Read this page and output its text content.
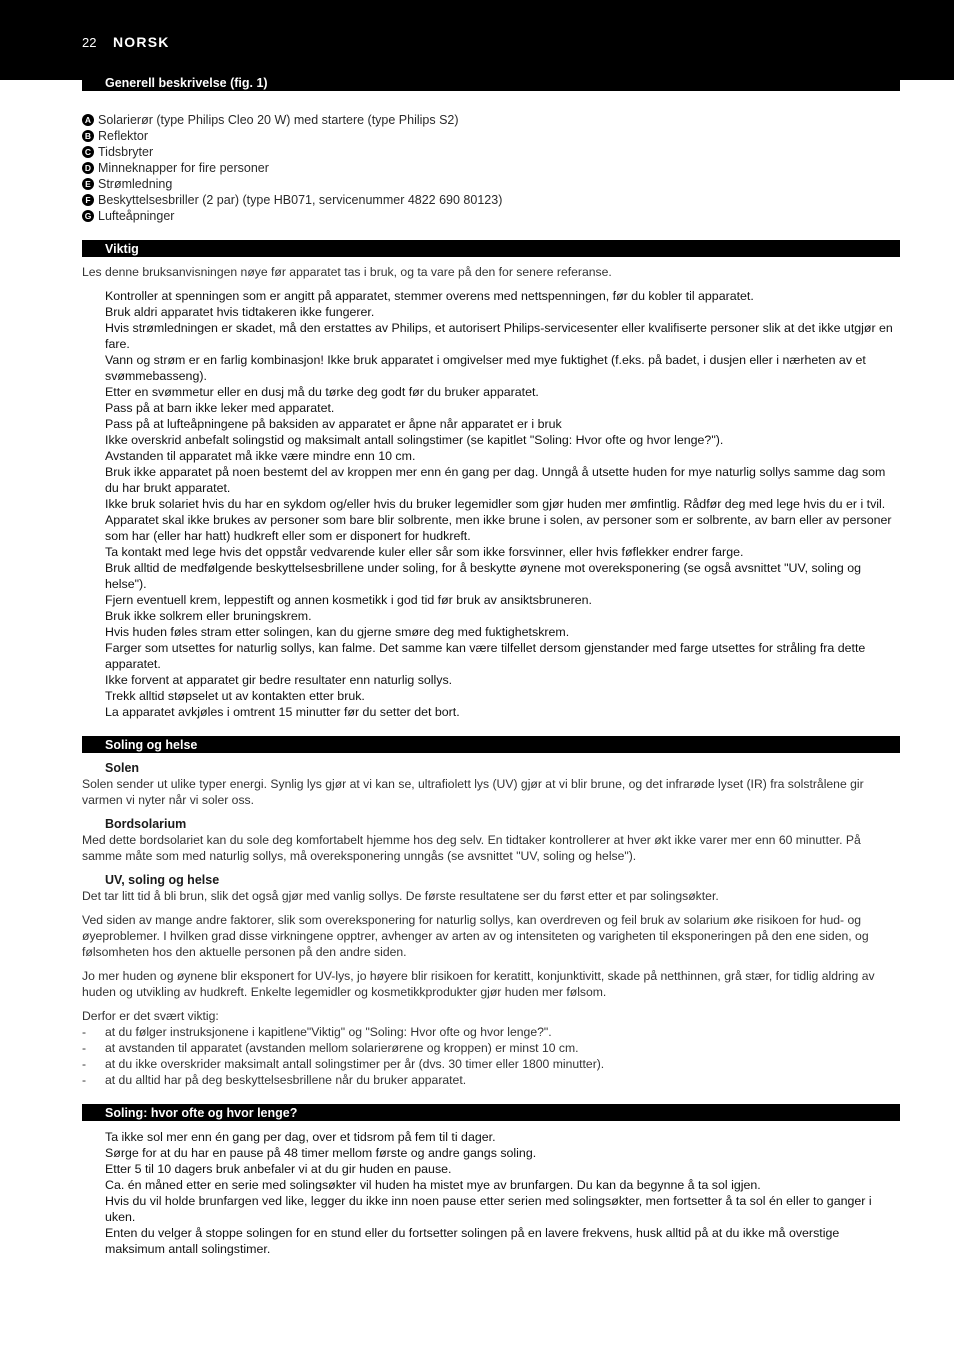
22 NORSK
Generell beskrivelse (fig. 1)
A Solarierør (type Philips Cleo 20 W) med startere (type Philips S2)
B Reflektor
C Tidsbryter
D Minneknapper for fire personer
E Strømledning
F Beskyttelsesbriller (2 par) (type HB071, servicenummer 4822 690 80123)
G Lufteåpninger
Viktig
Les denne bruksanvisningen nøye før apparatet tas i bruk, og ta vare på den for senere referanse.
Kontroller at spenningen som er angitt på apparatet, stemmer overens med nettspenningen, før du kobler til apparatet.
Bruk aldri apparatet hvis tidtakeren ikke fungerer.
Hvis strømledningen er skadet, må den erstattes av Philips, et autorisert Philips-servicesenter eller kvalifiserte personer slik at det ikke utgjør en fare.
Vann og strøm er en farlig kombinasjon! Ikke bruk apparatet i omgivelser med mye fuktighet (f.eks. på badet, i dusjen eller i nærheten av et svømmebasseng).
Etter en svømmetur eller en dusj må du tørke deg godt før du bruker apparatet.
Pass på at barn ikke leker med apparatet.
Pass på at lufteåpningene på baksiden av apparatet er åpne når apparatet er i bruk
Ikke overskrid anbefalt solingstid og maksimalt antall solingstimer (se kapitlet "Soling: Hvor ofte og hvor lenge?").
Avstanden til apparatet må ikke være mindre enn 10 cm.
Bruk ikke apparatet på noen bestemt del av kroppen mer enn én gang per dag. Unngå å utsette huden for mye naturlig sollys samme dag som du har brukt apparatet.
Ikke bruk solariet hvis du har en sykdom og/eller hvis du bruker legemidler som gjør huden mer ømfintlig. Rådfør deg med lege hvis du er i tvil.
Apparatet skal ikke brukes av personer som bare blir solbrente, men ikke brune i solen, av personer som er solbrente, av barn eller av personer som har (eller har hatt) hudkreft eller som er disponert for hudkreft.
Ta kontakt med lege hvis det oppstår vedvarende kuler eller sår som ikke forsvinner, eller hvis føflekker endrer farge.
Bruk alltid de medfølgende beskyttelsesbrillene under soling, for å beskytte øynene mot overeksponering (se også avsnittet "UV, soling og helse").
Fjern eventuell krem, leppestift og annen kosmetikk i god tid før bruk av ansiktsbruneren.
Bruk ikke solkrem eller bruningskrem.
Hvis huden føles stram etter solingen, kan du gjerne smøre deg med fuktighetskrem.
Farger som utsettes for naturlig sollys, kan falme. Det samme kan være tilfellet dersom gjenstander med farge utsettes for stråling fra dette apparatet.
Ikke forvent at apparatet gir bedre resultater enn naturlig sollys.
Trekk alltid støpselet ut av kontakten etter bruk.
La apparatet avkjøles i omtrent 15 minutter før du setter det bort.
Soling og helse
Solen
Solen sender ut ulike typer energi. Synlig lys gjør at vi kan se, ultrafiolett lys (UV) gjør at vi blir brune, og det infrarøde lyset (IR) fra solstrålene gir varmen vi nyter når vi soler oss.
Bordsolarium
Med dette bordsolariet kan du sole deg komfortabelt hjemme hos deg selv. En tidtaker kontrollerer at hver økt ikke varer mer enn 60 minutter. På samme måte som med naturlig sollys, må overeksponering unngås (se avsnittet "UV, soling og helse").
UV, soling og helse
Det tar litt tid å bli brun, slik det også gjør med vanlig sollys. De første resultatene ser du først etter et par solingsøkter.
Ved siden av mange andre faktorer, slik som overeksponering for naturlig sollys, kan overdreven og feil bruk av solarium øke risikoen for hud- og øyeproblemer. I hvilken grad disse virkningene opptrer, avhenger av arten av og intensiteten og varigheten til eksponeringen på den ene siden, og følsomheten hos den aktuelle personen på den andre siden.
Jo mer huden og øynene blir eksponert for UV-lys, jo høyere blir risikoen for keratitt, konjunktivitt, skade på netthinnen, grå stær, for tidlig aldring av huden og utvikling av hudkreft. Enkelte legemidler og kosmetikkprodukter gjør huden mer følsom.
Derfor er det svært viktig:
-	at du følger instruksjonene i kapitlene"Viktig" og "Soling: Hvor ofte og hvor lenge?".
-	at avstanden til apparatet (avstanden mellom solarierørene og kroppen) er minst 10 cm.
-	at du ikke overskrider maksimalt antall solingstimer per år (dvs. 30 timer eller 1800 minutter).
-	at du alltid har på deg beskyttelsesbrillene når du bruker apparatet.
Soling: hvor ofte og hvor lenge?
Ta ikke sol mer enn én gang per dag, over et tidsrom på fem til ti dager.
Sørge for at du har en pause på 48 timer mellom første og andre gangs soling.
Etter 5 til 10 dagers bruk anbefaler vi at du gir huden en pause.
Ca. én måned etter en serie med solingsøkter vil huden ha mistet mye av brunfargen. Du kan da begynne å ta sol igjen.
Hvis du vil holde brunfargen ved like, legger du ikke inn noen pause etter serien med solingsøkter, men fortsetter å ta sol én eller to ganger i uken.
Enten du velger å stoppe solingen for en stund eller du fortsetter solingen på en lavere frekvens, husk alltid på at du ikke må overstige maksimum antall solingstimer.
